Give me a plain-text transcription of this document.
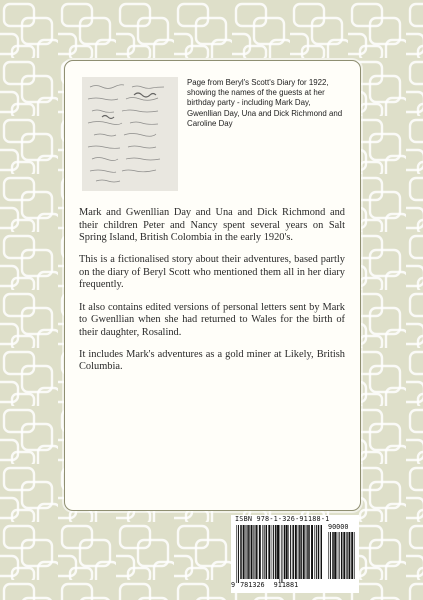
Page from Beryl's Scott's Diary for 1922, showing the names of the guests at her birthday party - including Mark Day, Gwenllian Day, Una and Dick Richmond and Caroline Day

Mark and Gwenllian Day and Una and Dick Richmond and their children Peter and Nancy spent several years on Salt Spring Island, British Colombia in the early 1920's.

This is a fictionalised story about their adventures, based partly on the diary of Beryl Scott who mentioned them all in her diary frequently.

It also contains edited versions of personal letters sent by Mark to Gwenllian when she had returned to Wales for the birth of their daughter, Rosalind.

It includes Mark's adventures as a gold miner at Likely, British Columbia.

ISBN 978-1-326-91188-1
90000
9 781326 911881
